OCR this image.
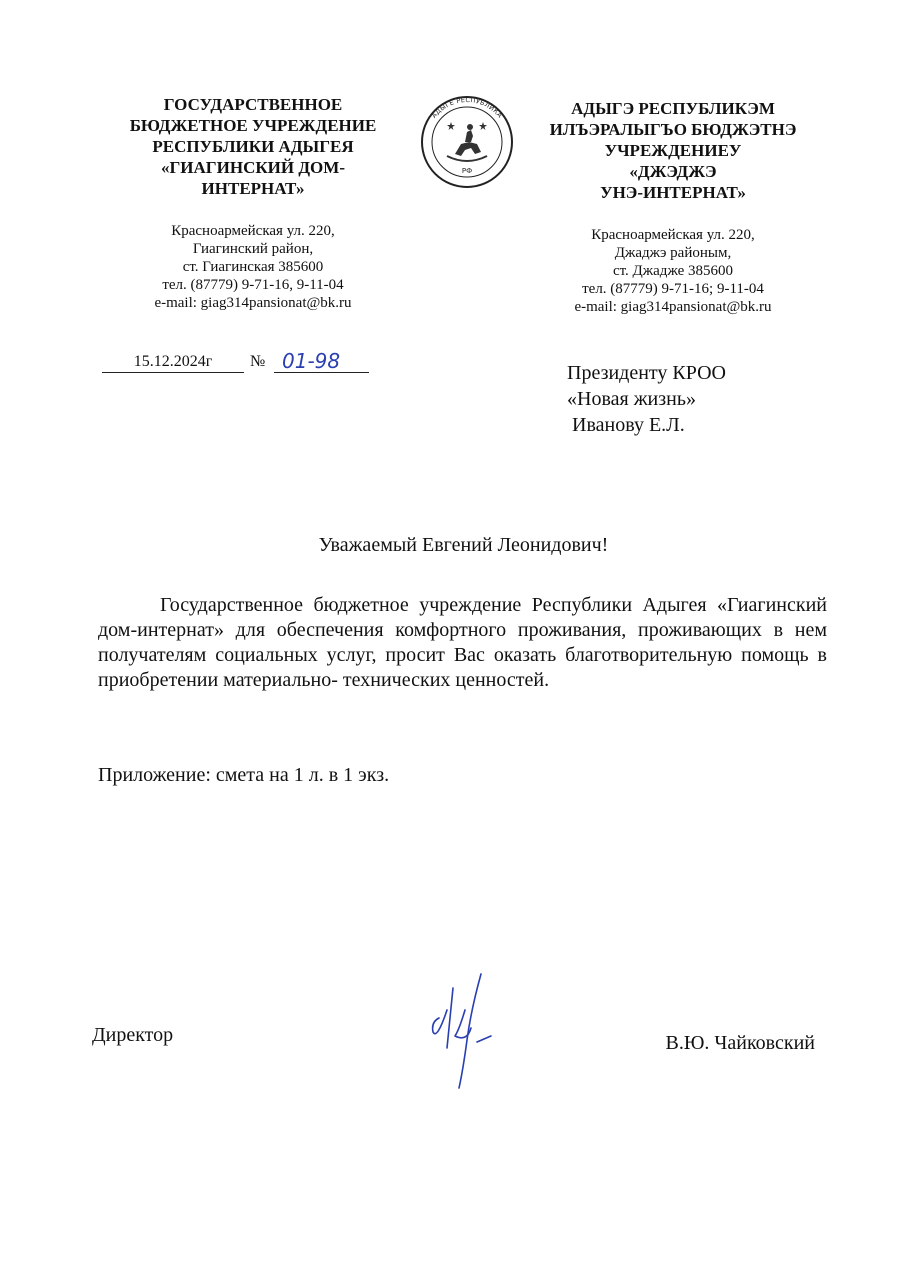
ГОСУДАРСТВЕННОЕ
БЮДЖЕТНОЕ УЧРЕЖДЕНИЕ
РЕСПУБЛИКИ АДЫГЕЯ
«ГИАГИНСКИЙ ДОМ-
ИНТЕРНАТ»
Красноармейская ул. 220,
Гиагинский район,
ст. Гиагинская 385600
тел. (87779) 9-71-16, 9-11-04
e-mail: giag314pansionat@bk.ru
АДЫГЕ РЕСПУБЛИКА
РФ
АДЫГЭ РЕСПУБЛИКЭМ
ИЛЪЭРАЛЫГЪО БЮДЖЭТНЭ
УЧРЕЖДЕНИЕУ
«ДЖЭДЖЭ
УНЭ-ИНТЕРНАТ»
Красноармейская ул. 220,
Джаджэ районым,
ст. Джадже 385600
тел. (87779) 9-71-16; 9-11-04
e-mail: giag314pansionat@bk.ru
15.12.2024г	№ 01-98	Президенту КРОО
«Новая жизнь»
Иванову Е.Л.
Уважаемый Евгений Леонидович!
Государственное бюджетное учреждение Республики Адыгея «Гиагинский дом-интернат» для обеспечения комфортного проживания, проживающих в нем получателям социальных услуг, просит Вас оказать благотворительную помощь в приобретении материально- технических ценностей.
Приложение: смета на 1 л. в 1 экз.
Директор	В.Ю. Чайковский
